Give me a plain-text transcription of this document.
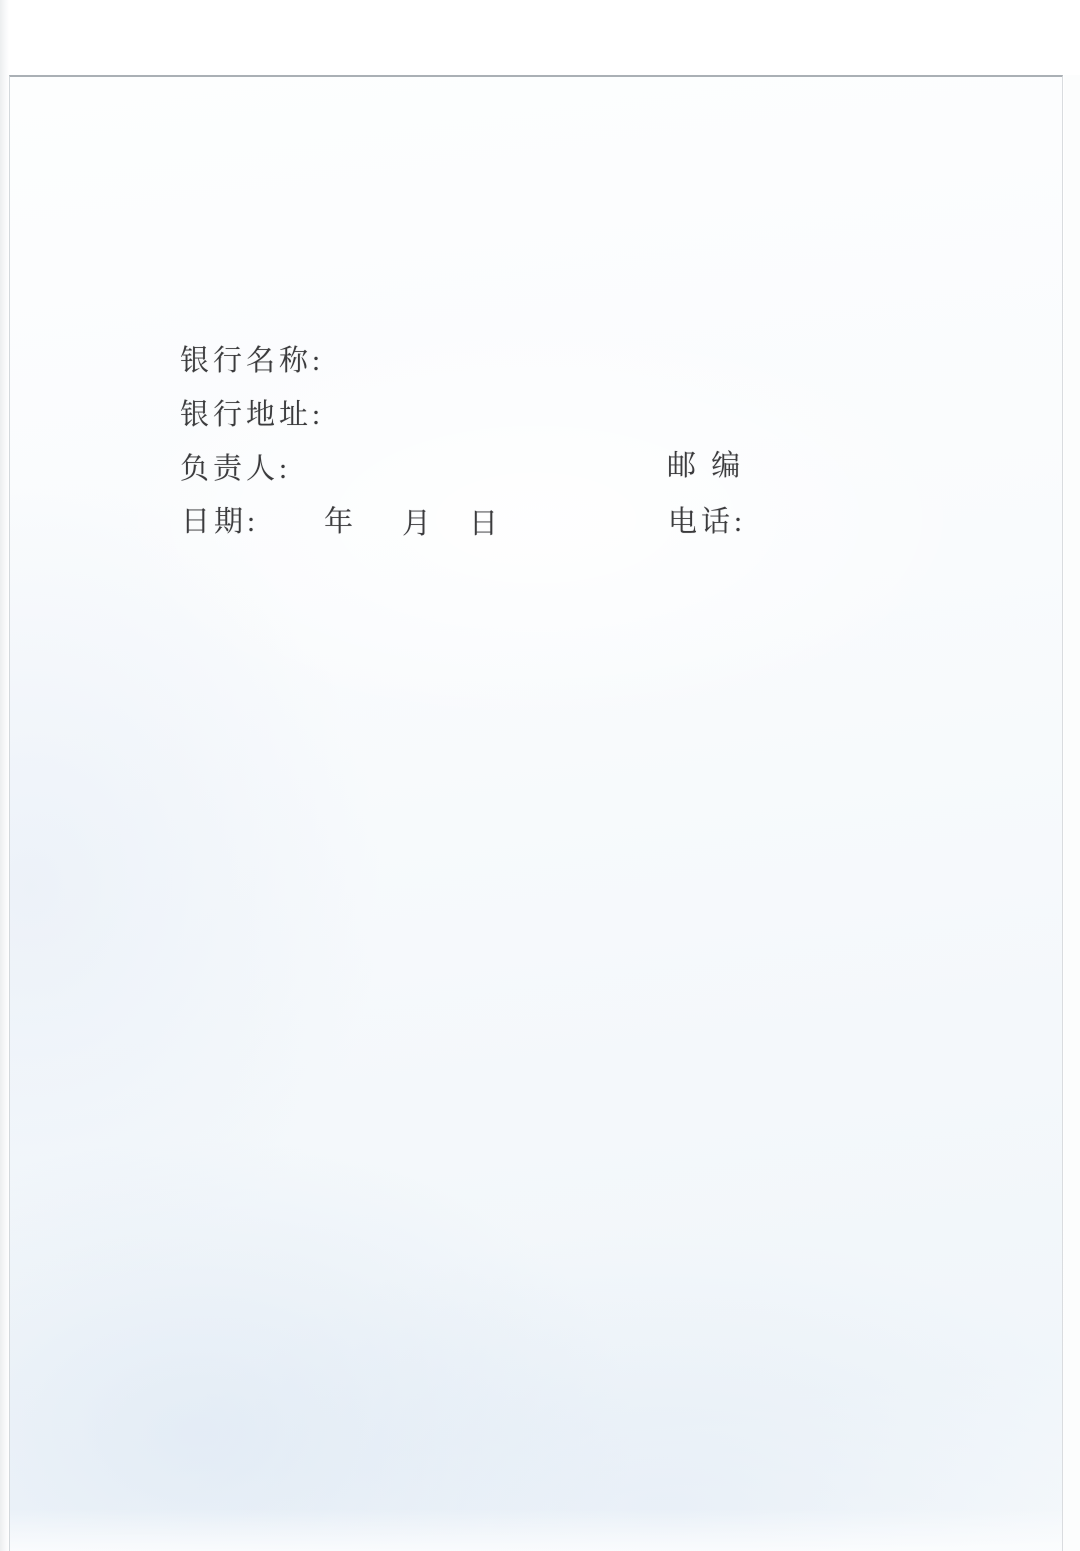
银行名称:
银行地址:
负责人:	邮 编
日期: 年 月 日	电话:
